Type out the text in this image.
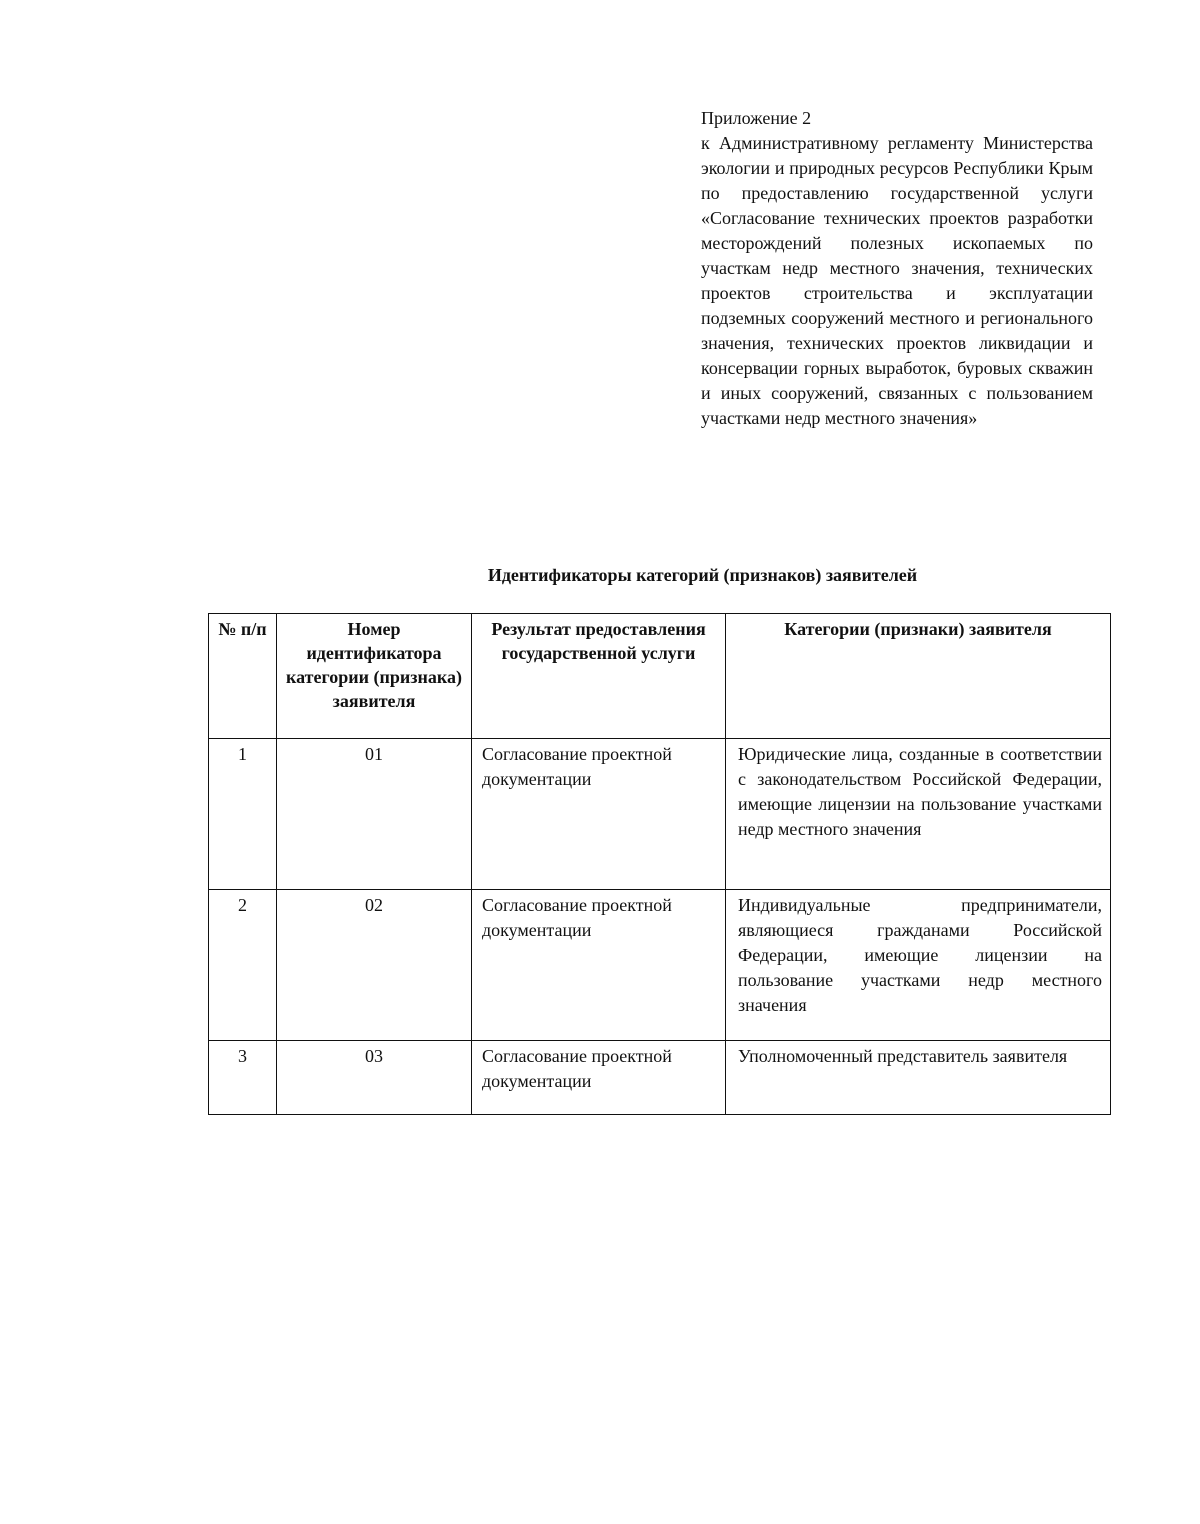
Приложение 2

к Административному регламенту Министерства экологии и природных ресурсов Республики Крым по предоставлению государственной услуги «Согласование технических проектов разработки месторождений полезных ископаемых по участкам недр местного значения, технических проектов строительства и эксплуатации подземных сооружений местного и регионального значения, технических проектов ликвидации и консервации горных выработок, буровых скважин и иных сооружений, связанных с пользованием участками недр местного значения»

Идентификаторы категорий (признаков) заявителей
№ п/п	Номер идентификатора категории (признака) заявителя	Результат предоставления государственной услуги	Категории (признаки) заявителя
1	01	Согласование проектной документации	Юридические лица, созданные в соответствии с законодательством Российской Федерации, имеющие лицензии на пользование участками недр местного значения
2	02	Согласование проектной документации	Индивидуальные предприниматели, являющиеся гражданами Российской Федерации, имеющие лицензии на пользование участками недр местного значения
3	03	Согласование проектной документации	Уполномоченный представитель заявителя
